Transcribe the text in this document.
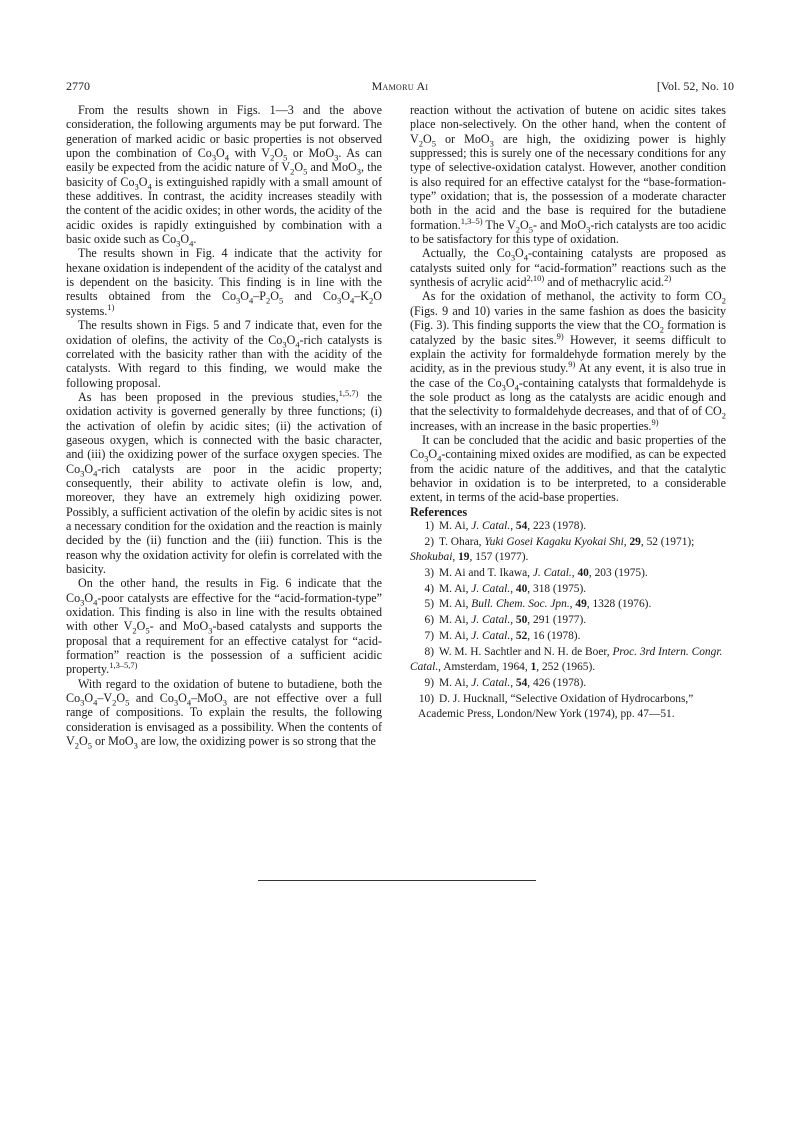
2770	Mamoru Ai	[Vol. 52, No. 10

From the results shown in Figs. 1—3 and the above consideration, the following arguments may be put forward. The generation of marked acidic or basic properties is not observed upon the combination of $Co_3O_4$ with $V_2O_5$ or MoO$_3$. As can easily be expected from the acidic nature of $V_2O_5$ and MoO$_3$, the basicity of $Co_3O_4$ is extinguished rapidly with a small amount of these additives. In contrast, the acidity increases steadily with the content of the acidic oxides; in other words, the acidity of the acidic oxides is rapidly extinguished by combination with a basic oxide such as $Co_3O_4$.

The results shown in Fig. 4 indicate that the activity for hexane oxidation is independent of the acidity of the catalyst and is dependent on the basicity. This finding is in line with the results obtained from the $Co_3O_4-P_2O_5$ and $Co_3O_4-K_2O$ systems.$^{1)}$

The results shown in Figs. 5 and 7 indicate that, even for the oxidation of olefins, the activity of the $Co_3O_4$-rich catalysts is correlated with the basicity rather than with the acidity of the catalysts. With regard to this finding, we would make the following proposal.

As has been proposed in the previous studies,$^{1,5,7)}$ the oxidation activity is governed generally by three functions; (i) the activation of olefin by acidic sites; (ii) the activation of gaseous oxygen, which is connected with the basic character, and (iii) the oxidizing power of the surface oxygen species. The $Co_3O_4$-rich catalysts are poor in the acidic property; consequently, their ability to activate olefin is low, and, moreover, they have an extremely high oxidizing power. Possibly, a sufficient activation of the olefin by acidic sites is not a necessary condition for the oxidation and the reaction is mainly decided by the (ii) function and the (iii) function. This is the reason why the oxidation activity for olefin is correlated with the basicity.

On the other hand, the results in Fig. 6 indicate that the $Co_3O_4$-poor catalysts are effective for the “acid-formation-type” oxidation. This finding is also in line with the results obtained with other $V_2O_5-$ and MoO$_3$-based catalysts and supports the proposal that a requirement for an effective catalyst for “acid-formation” reaction is the possession of a sufficient acidic property.$^{1,3-5,7)}$

With regard to the oxidation of butene to butadiene, both the $Co_3O_4-V_2O_5$ and $Co_3O_4-MoO_3$ are not effective over a full range of compositions. To explain the results, the following consideration is envisaged as a possibility. When the contents of $V_2O_5$ or MoO$_3$ are low, the oxidizing power is so strong that the

reaction without the activation of butene on acidic sites takes place non-selectively. On the other hand, when the content of $V_2O_5$ or MoO$_3$ are high, the oxidizing power is highly suppressed; this is surely one of the necessary conditions for any type of selective-oxidation catalyst. However, another condition is also required for an effective catalyst for the “base-formation-type” oxidation; that is, the possession of a moderate character both in the acid and the base is required for the butadiene formation.$^{1,3-5)}$ The $V_2O_5-$ and MoO$_3$-rich catalysts are too acidic to be satisfactory for this type of oxidation.

Actually, the $Co_3O_4$-containing catalysts are proposed as catalysts suited only for “acid-formation” reactions such as the synthesis of acrylic acid$^{2,10)}$ and of methacrylic acid.$^{2)}$

As for the oxidation of methanol, the activity to form $CO_2$ (Figs. 9 and 10) varies in the same fashion as does the basicity (Fig. 3). This finding supports the view that the $CO_2$ formation is catalyzed by the basic sites.$^{9)}$ However, it seems difficult to explain the activity for formaldehyde formation merely by the acidity, as in the previous study.$^{9)}$ At any event, it is also true in the case of the $Co_3O_4$-containing catalysts that formaldehyde is the sole product as long as the catalysts are acidic enough and that the selectivity to formaldehyde decreases, and that of of $CO_2$ increases, with an increase in the basic properties.$^{9)}$

It can be concluded that the acidic and basic properties of the $Co_3O_4$-containing mixed oxides are modified, as can be expected from the acidic nature of the additives, and that the catalytic behavior in oxidation is to be interpreted, to a considerable extent, in terms of the acid-base properties.

References

1) M. Ai, J. Catal., 54, 223 (1978).
2) T. Ohara, Yuki Gosei Kagaku Kyokai Shi, 29, 52 (1971); Shokubai, 19, 157 (1977).
3) M. Ai and T. Ikawa, J. Catal., 40, 203 (1975).
4) M. Ai, J. Catal., 40, 318 (1975).
5) M. Ai, Bull. Chem. Soc. Jpn., 49, 1328 (1976).
6) M. Ai, J. Catal., 50, 291 (1977).
7) M. Ai, J. Catal., 52, 16 (1978).
8) W. M. H. Sachtler and N. H. de Boer, Proc. 3rd Intern. Congr. Catal., Amsterdam, 1964, 1, 252 (1965).
9) M. Ai, J. Catal., 54, 426 (1978).
10) D. J. Hucknall, “Selective Oxidation of Hydrocarbons,” Academic Press, London/New York (1974), pp. 47—51.
